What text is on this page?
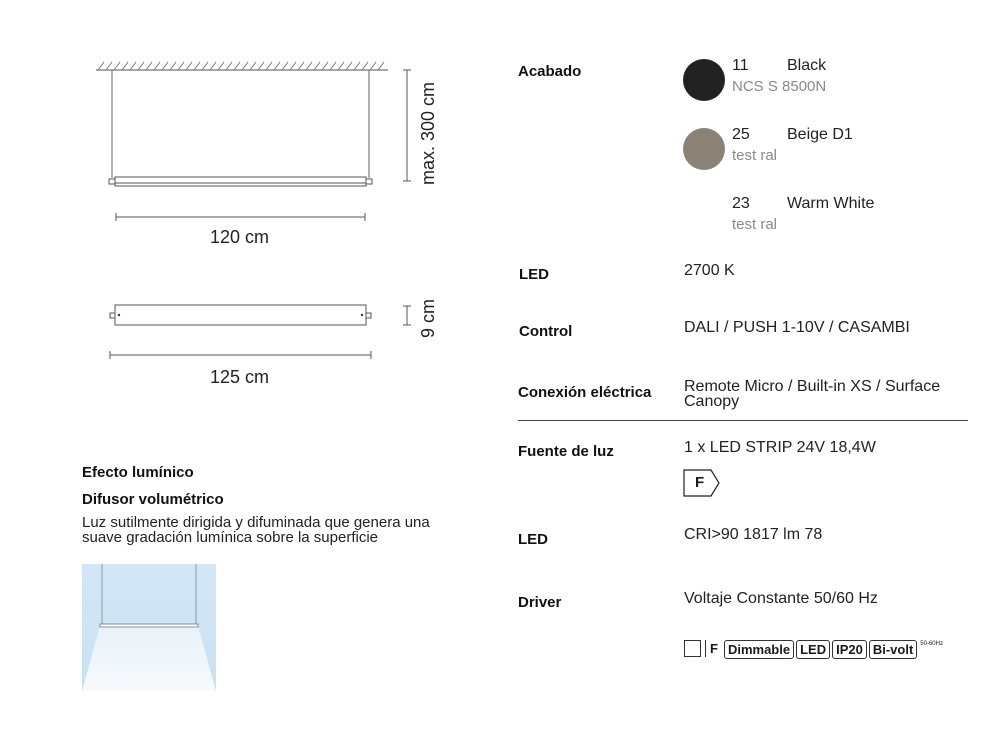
120 cm
max. 300 cm
125 cm
9 cm
Efecto lumínico
Difusor volumétrico
Luz sutilmente dirigida y difuminada que genera una
suave gradación lumínica sobre la superficie
Acabado	11 Black
NCS S 8500N
25 Beige D1
test ral
23 Warm White
test ral
LED	2700 K
Control	DALI / PUSH 1-10V / CASAMBI
Conexión eléctrica Remote Micro / Built-in XS / Surface
Canopy
Fuente de luz	1 x LED STRIP 24V 18,4W
F
LED	CRI>90 1817 lm 78
Driver	Voltaje Constante 50/60 Hz
F Dimmable LED IP20 Bi-volt 50-60Hz
